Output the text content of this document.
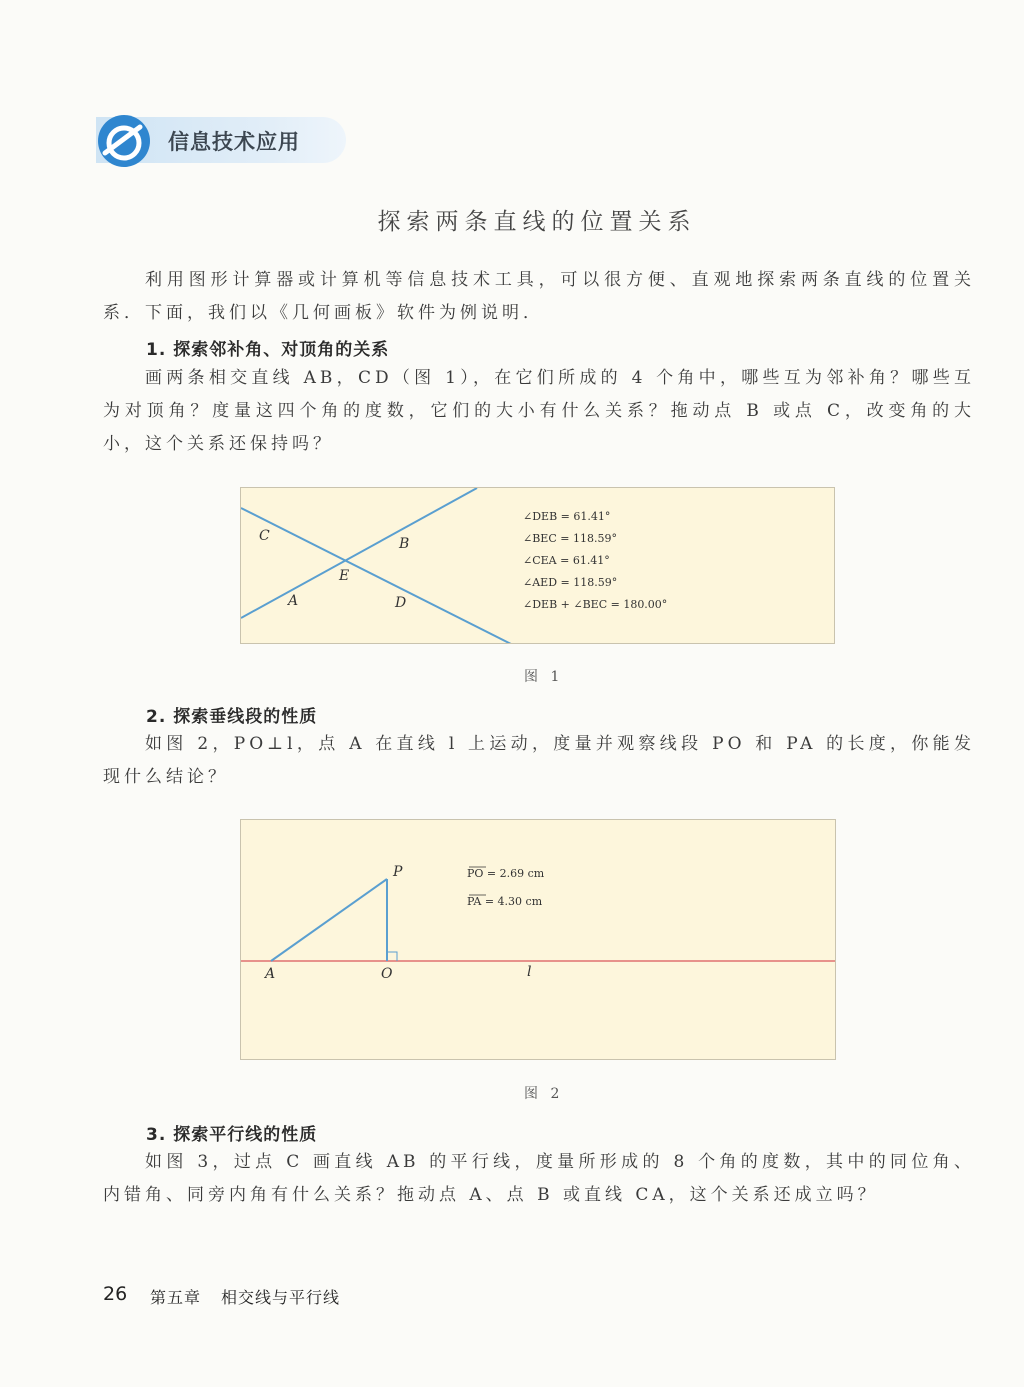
信息技术应用
探索两条直线的位置关系
利用图形计算器或计算机等信息技术工具，可以很方便、直观地探索两条直线的位置关系．下面，我们以《几何画板》软件为例说明．
1. 探索邻补角、对顶角的关系
画两条相交直线 AB，CD（图 1），在它们所成的 4 个角中，哪些互为邻补角？哪些互为对顶角？度量这四个角的度数，它们的大小有什么关系？拖动点 B 或点 C，改变角的大小，这个关系还保持吗？
C	B
E
A	D
∠DEB = 61.41°
∠BEC = 118.59°
∠CEA = 61.41°
∠AED = 118.59°
∠DEB + ∠BEC = 180.00°
图 1
2. 探索垂线段的性质
如图 2，PO⊥l，点 A 在直线 l 上运动，度量并观察线段 PO 和 PA 的长度，你能发现什么结论？
P
A	O	l
PO = 2.69 cm
PA = 4.30 cm
图 2
3. 探索平行线的性质
如图 3，过点 C 画直线 AB 的平行线，度量所形成的 8 个角的度数，其中的同位角、内错角、同旁内角有什么关系？拖动点 A、点 B 或直线 CA，这个关系还成立吗？
26 第五章 相交线与平行线
